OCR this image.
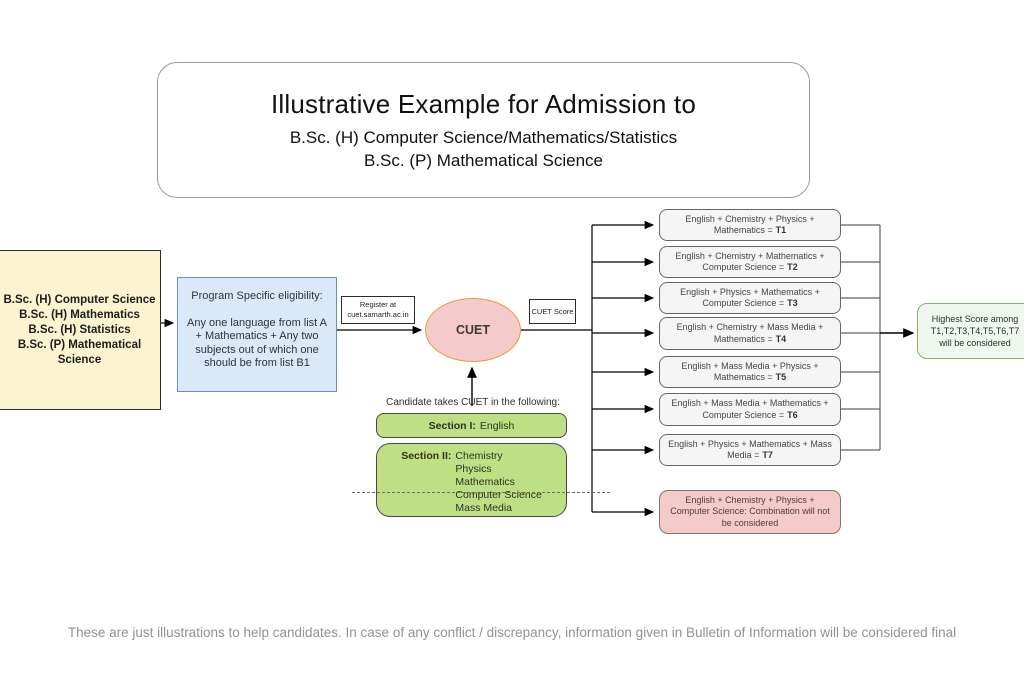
Illustrative Example for Admission to
B.Sc. (H) Computer Science/Mathematics/Statistics
B.Sc. (P) Mathematical Science
B.Sc. (H) Computer Science
B.Sc. (H) Mathematics
B.Sc. (H) Statistics
B.Sc. (P) Mathematical
Science
Program Specific eligibility:
Any one language from list A + Mathematics + Any two subjects out of which one should be from list B1
Register at
cuet.samarth.ac.in
CUET
CUET Score
English + Chemistry + Physics + Mathematics = T1
English + Chemistry + Mathematics + Computer Science = T2
English + Physics + Mathematics + Computer Science = T3
English + Chemistry + Mass Media + Mathematics = T4
English + Mass Media + Physics + Mathematics = T5
English + Mass Media + Mathematics + Computer Science = T6
English + Physics + Mathematics + Mass Media = T7
English + Chemistry + Physics + Computer Science: Combination will not be considered
Highest Score among
T1,T2,T3,T4,T5,T6,T7
will be considered
Candidate takes CUET in the following:
Section I: English
Section II: Chemistry
Physics
Mathematics
Computer Science
Mass Media
These are just illustrations to help candidates. In case of any conflict / discrepancy, information given in Bulletin of Information will be considered final
